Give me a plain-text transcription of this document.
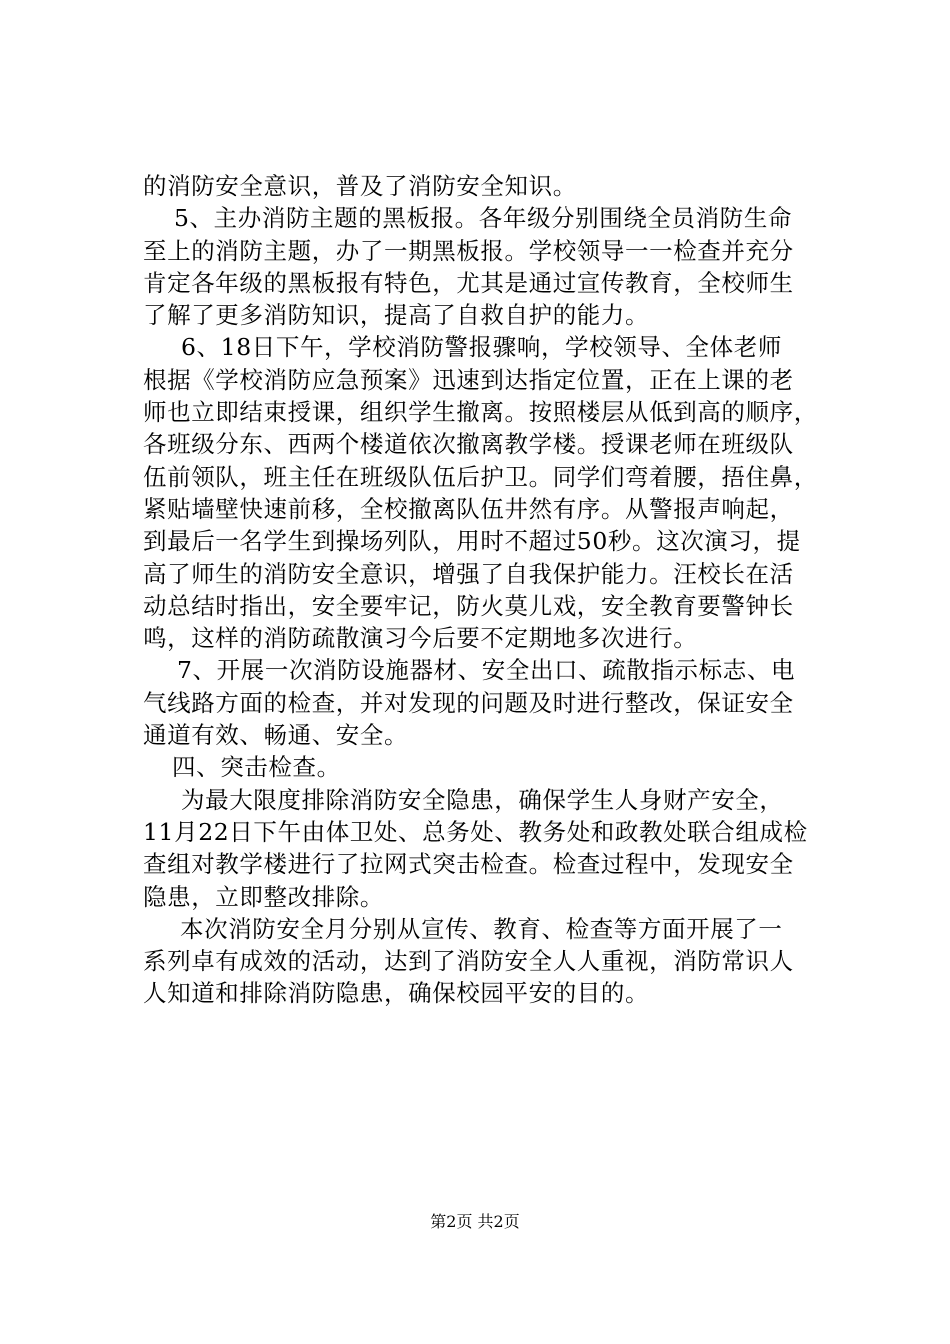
的消防安全意识，普及了消防安全知识。
5、主办消防主题的黑板报。各年级分别围绕全员消防生命
至上的消防主题，办了一期黑板报。学校领导一一检查并充分
肯定各年级的黑板报有特色，尤其是通过宣传教育，全校师生
了解了更多消防知识，提高了自救自护的能力。
6、18日下午，学校消防警报骤响，学校领导、全体老师
根据《学校消防应急预案》迅速到达指定位置，正在上课的老
师也立即结束授课，组织学生撤离。按照楼层从低到高的顺序，
各班级分东、西两个楼道依次撤离教学楼。授课老师在班级队
伍前领队，班主任在班级队伍后护卫。同学们弯着腰，捂住鼻，
紧贴墙壁快速前移，全校撤离队伍井然有序。从警报声响起，
到最后一名学生到操场列队，用时不超过50秒。这次演习，提
高了师生的消防安全意识，增强了自我保护能力。汪校长在活
动总结时指出，安全要牢记，防火莫儿戏，安全教育要警钟长
鸣，这样的消防疏散演习今后要不定期地多次进行。
7、开展一次消防设施器材、安全出口、疏散指示标志、电
气线路方面的检查，并对发现的问题及时进行整改，保证安全
通道有效、畅通、安全。
四、突击检查。
为最大限度排除消防安全隐患，确保学生人身财产安全，
11月22日下午由体卫处、总务处、教务处和政教处联合组成检
查组对教学楼进行了拉网式突击检查。检查过程中，发现安全
隐患，立即整改排除。
本次消防安全月分别从宣传、教育、检查等方面开展了一
系列卓有成效的活动，达到了消防安全人人重视，消防常识人
人知道和排除消防隐患，确保校园平安的目的。
第2页 共2页
